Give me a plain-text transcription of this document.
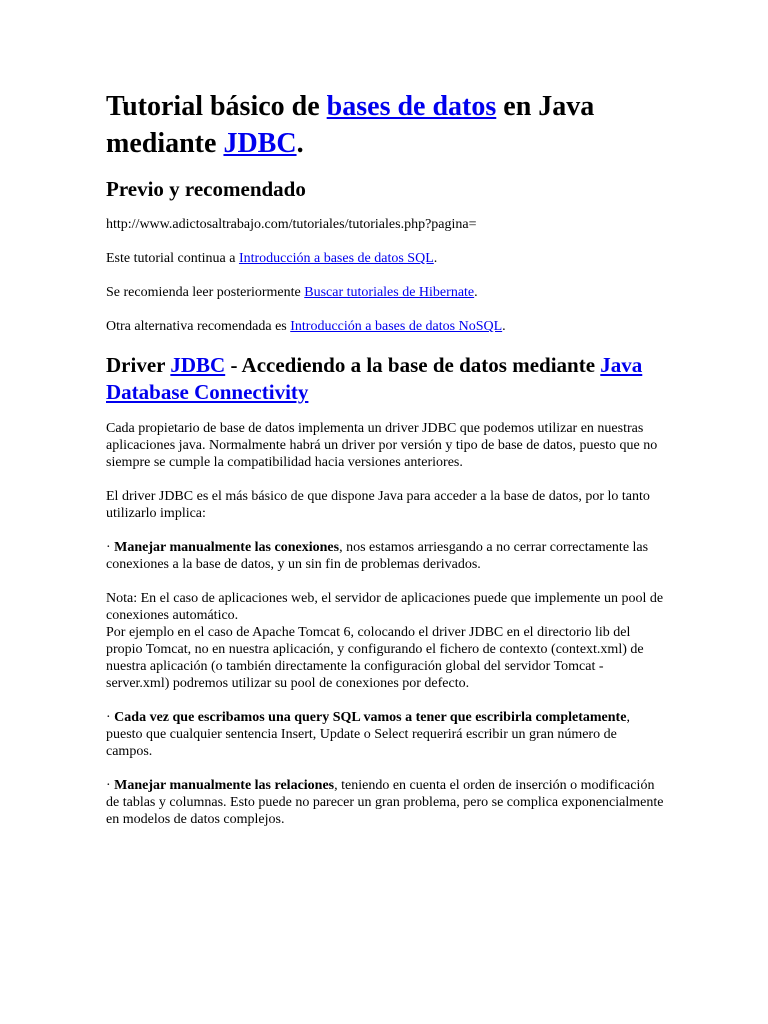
Tutorial básico de bases de datos en Java mediante JDBC.
Previo y recomendado

http://www.adictosaltrabajo.com/tutoriales/tutoriales.php?pagina=

Este tutorial continua a Introducción a bases de datos SQL.

Se recomienda leer posteriormente Buscar tutoriales de Hibernate.

Otra alternativa recomendada es Introducción a bases de datos NoSQL.

Driver JDBC - Accediendo a la base de datos mediante Java Database Connectivity

Cada propietario de base de datos implementa un driver JDBC que podemos utilizar en nuestras aplicaciones java. Normalmente habrá un driver por versión y tipo de base de datos, puesto que no siempre se cumple la compatibilidad hacia versiones anteriores.

El driver JDBC es el más básico de que dispone Java para acceder a la base de datos, por lo tanto utilizarlo implica:

· Manejar manualmente las conexiones, nos estamos arriesgando a no cerrar correctamente las conexiones a la base de datos, y un sin fin de problemas derivados.

Nota: En el caso de aplicaciones web, el servidor de aplicaciones puede que implemente un pool de conexiones automático.

Por ejemplo en el caso de Apache Tomcat 6, colocando el driver JDBC en el directorio lib del propio Tomcat, no en nuestra aplicación, y configurando el fichero de contexto (context.xml) de nuestra aplicación (o también directamente la configuración global del servidor Tomcat - server.xml) podremos utilizar su pool de conexiones por defecto.

· Cada vez que escribamos una query SQL vamos a tener que escribirla completamente, puesto que cualquier sentencia Insert, Update o Select requerirá escribir un gran número de campos.

· Manejar manualmente las relaciones, teniendo en cuenta el orden de inserción o modificación de tablas y columnas. Esto puede no parecer un gran problema, pero se complica exponencialmente en modelos de datos complejos.
